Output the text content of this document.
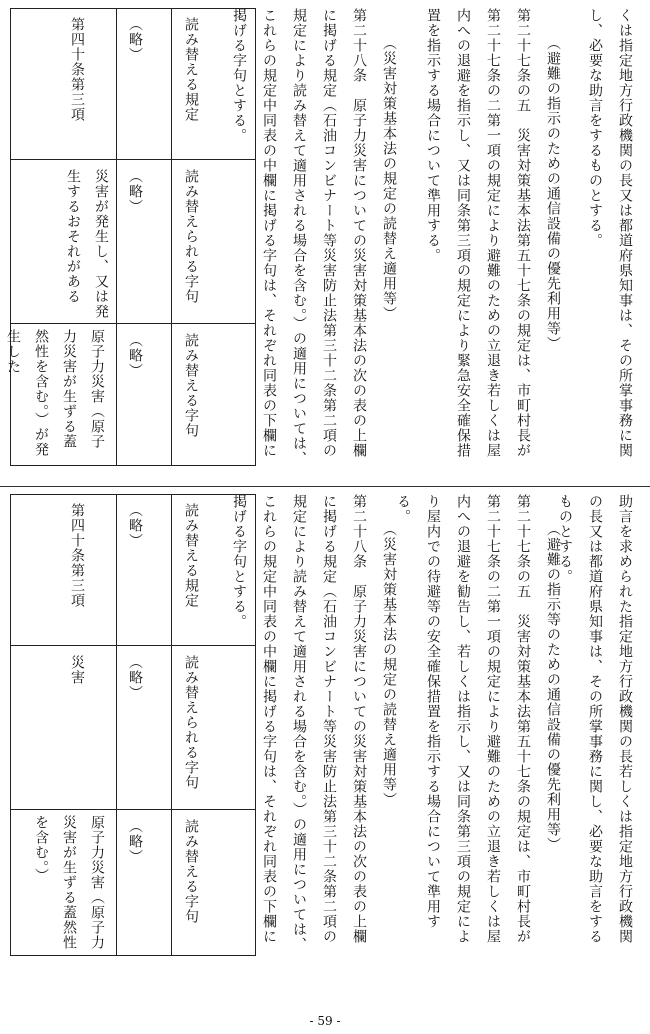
くは指定地方行政機関の長又は都道府県知事は、その所掌事務に関し、必要な助言をするものとする。
（避難の指示のための通信設備の優先利用等）
第二十七条の五　災害対策基本法第五十七条の規定は、市町村長が第二十七条の二第一項の規定により避難のための立退き若しくは屋内への退避を指示し、又は同条第三項の規定により緊急安全確保措置を指示する場合について準用する。
（災害対策基本法の規定の読替え適用等）
第二十八条　原子力災害についての災害対策基本法の次の表の上欄に掲げる規定（石油コンビナート等災害防止法第三十二条第二項の規定により読み替えて適用される場合を含む。）の適用については、これらの規定中同表の中欄に掲げる字句は、それぞれ同表の下欄に掲げる字句とする。
読み替える規定
読み替えられる字句
読み替える字句
（略）
（略）
（略）
第四十条第三項
災害が発生し、又は発生するおそれがある
原子力災害（原子力災害が生ずる蓋然性を含む。）が発生した
助言を求められた指定地方行政機関の長若しくは指定地方行政機関の長又は都道府県知事は、その所掌事務に関し、必要な助言をするものとする。
（避難の指示等のための通信設備の優先利用等）
第二十七条の五　災害対策基本法第五十七条の規定は、市町村長が第二十七条の二第一項の規定により避難のための立退き若しくは屋内への退避を勧告し、若しくは指示し、又は同条第三項の規定により屋内での待避等の安全確保措置を指示する場合について準用する。
（災害対策基本法の規定の読替え適用等）
第二十八条　原子力災害についての災害対策基本法の次の表の上欄に掲げる規定（石油コンビナート等災害防止法第三十二条第二項の規定により読み替えて適用される場合を含む。）の適用については、これらの規定中同表の中欄に掲げる字句は、それぞれ同表の下欄に掲げる字句とする。
読み替える規定
読み替えられる字句
読み替える字句
（略）
（略）
（略）
第四十条第三項
災害
原子力災害（原子力災害が生ずる蓋然性を含む。）
- 59 -
